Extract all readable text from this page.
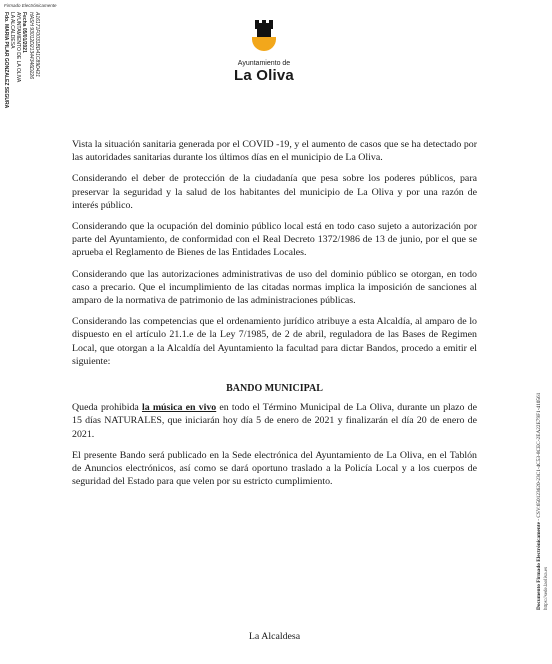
Firmado Electrónicamente
Fdo. MARIA PILAR GONZALEZ SEGURA LA ALCALDESA AYUNTAMIENTO DE LA OLIVA Fecha 05/01/2021 HASH 93012D21344346D226 A16171F0031BD41C89D421	Ayuntamiento de
La Oliva
Documento Firmado Electrónicamente - CSV:650123620-23C1-4C53-8CEC-2EA22E79F1-410561
https://sede.laoliva.es

Vista la situación sanitaria generada por el COVID -19, y el aumento de casos que se ha detectado por las autoridades sanitarias durante los últimos días en el municipio de La Oliva.

Considerando el deber de protección de la ciudadanía que pesa sobre los poderes públicos, para preservar la seguridad y la salud de los habitantes del municipio de La Oliva y por una razón de interés público.

Considerando que la ocupación del dominio público local está en todo caso sujeto a autorización por parte del Ayuntamiento, de conformidad con el Real Decreto 1372/1986 de 13 de junio, por el que se aprueba el Reglamento de Bienes de las Entidades Locales.

Considerando que las autorizaciones administrativas de uso del dominio público se otorgan, en todo caso a precario. Que el incumplimiento de las citadas normas implica la imposición de sanciones al amparo de la normativa de patrimonio de las administraciones públicas.

Considerando las competencias que el ordenamiento jurídico atribuye a esta Alcaldía, al amparo de lo dispuesto en el artículo 21.1.e de la Ley 7/1985, de 2 de abril, reguladora de las Bases de Regimen Local, que otorgan a la Alcaldía del Ayuntamiento la facultad para dictar Bandos, procedo a emitir el siguiente:

BANDO MUNICIPAL

Queda prohibida la música en vivo en todo el Término Municipal de La Oliva, durante un plazo de 15 días NATURALES, que iniciarán hoy día 5 de enero de 2021 y finalizarán el día 20 de enero de 2021.

El presente Bando será publicado en la Sede electrónica del Ayuntamiento de La Oliva, en el Tablón de Anuncios electrónicos, así como se dará oportuno traslado a la Policía Local y a los cuerpos de seguridad del Estado para que velen por su estricto cumplimiento.

La Alcaldesa
